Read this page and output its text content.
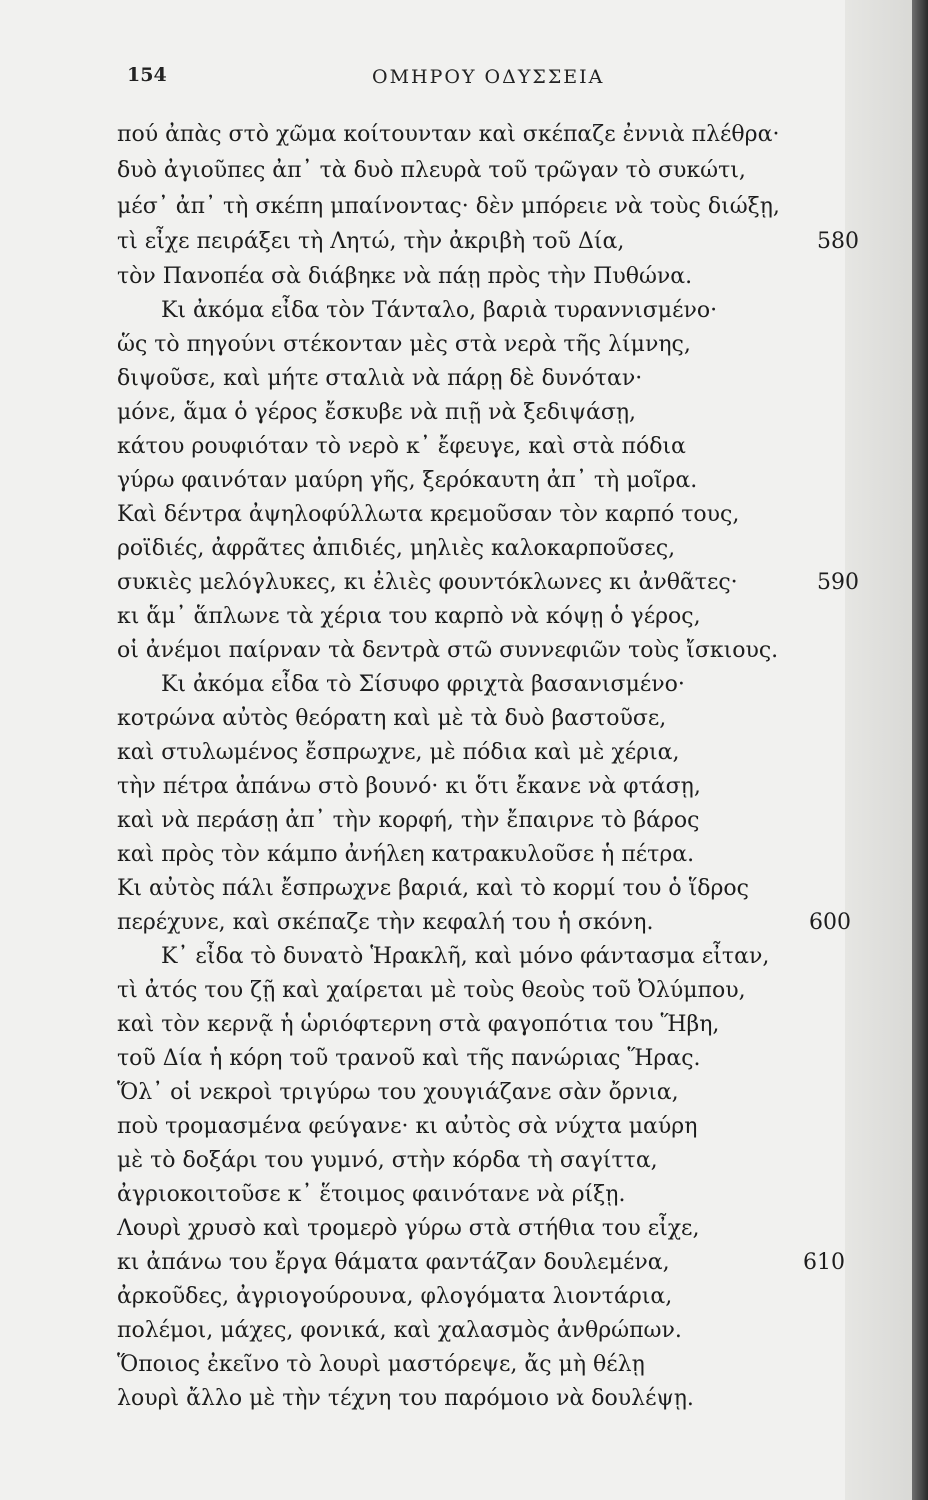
154	ΟΜΗΡΟΥ ΟΔΥΣΣΕΙΑ
πού ἀπὰς στὸ χῶμα κοίτουνταν καὶ σκέπαζε ἐννιὰ πλέθρα·
δυὸ ἀγιοῦπες ἀπ᾽ τὰ δυὸ πλευρὰ τοῦ τρῶγαν τὸ συκώτι,
μέσ᾽ ἀπ᾽ τὴ σκέπη μπαίνοντας· δὲν μπόρειε νὰ τοὺς διώξῃ,
τὶ εἶχε πειράξει τὴ Λητώ, τὴν ἀκριβὴ τοῦ Δία,
τὸν Πανοπέα σὰ διάβηκε νὰ πάῃ πρὸς τὴν Πυθώνα.
Κι ἀκόμα εἶδα τὸν Τάνταλο, βαριὰ τυραννισμένο·
ὥς τὸ πηγούνι στέκονταν μὲς στὰ νερὰ τῆς λίμνης,
διψοῦσε, καὶ μήτε σταλιὰ νὰ πάρῃ δὲ δυνόταν·
μόνε, ἅμα ὁ γέρος ἔσκυβε νὰ πιῇ νὰ ξεδιψάσῃ,
κάτου ρουφιόταν τὸ νερὸ κ᾽ ἔφευγε, καὶ στὰ πόδια
γύρω φαινόταν μαύρη γῆς, ξερόκαυτη ἀπ᾽ τὴ μοῖρα.
Καὶ δέντρα ἀψηλοφύλλωτα κρεμοῦσαν τὸν καρπό τους,
ροϊδιές, ἀφρᾶτες ἀπιδιές, μηλιὲς καλοκαρποῦσες,
συκιὲς μελόγλυκες, κι ἐλιὲς φουντόκλωνες κι ἀνθᾶτες·
κι ἅμ᾽ ἅπλωνε τὰ χέρια του καρπὸ νὰ κόψῃ ὁ γέρος,
οἱ ἀνέμοι παίρναν τὰ δεντρὰ στῶ συννεφιῶν τοὺς ἴσκιους.
Κι ἀκόμα εἶδα τὸ Σίσυφο φριχτὰ βασανισμένο·
κοτρώνα αὐτὸς θεόρατη καὶ μὲ τὰ δυὸ βαστοῦσε,
καὶ στυλωμένος ἔσπρωχνε, μὲ πόδια καὶ μὲ χέρια,
τὴν πέτρα ἀπάνω στὸ βουνό· κι ὅτι ἔκανε νὰ φτάσῃ,
καὶ νὰ περάσῃ ἀπ᾽ τὴν κορφή, τὴν ἔπαιρνε τὸ βάρος
καὶ πρὸς τὸν κάμπο ἀνήλεη κατρακυλοῦσε ἡ πέτρα.
Κι αὐτὸς πάλι ἔσπρωχνε βαριά, καὶ τὸ κορμί του ὁ ἵδρος
περέχυνε, καὶ σκέπαζε τὴν κεφαλή του ἡ σκόνη.
Κ᾽ εἶδα τὸ δυνατὸ Ἡρακλῆ, καὶ μόνο φάντασμα εἶταν,
τὶ ἀτός του ζῇ καὶ χαίρεται μὲ τοὺς θεοὺς τοῦ Ὀλύμπου,
καὶ τὸν κερνᾷ ἡ ὡριόφτερνη στὰ φαγοπότια του Ἥβη,
τοῦ Δία ἡ κόρη τοῦ τρανοῦ καὶ τῆς πανώριας Ἥρας.
Ὅλ᾽ οἱ νεκροὶ τριγύρω του χουγιάζανε σὰν ὄρνια,
ποὺ τρομασμένα φεύγανε· κι αὐτὸς σὰ νύχτα μαύρη
μὲ τὸ δοξάρι του γυμνό, στὴν κόρδα τὴ σαγίττα,
ἀγριοκοιτοῦσε κ᾽ ἕτοιμος φαινότανε νὰ ρίξῃ.
Λουρὶ χρυσὸ καὶ τρομερὸ γύρω στὰ στήθια του εἶχε,
κι ἀπάνω του ἔργα θάματα φαντάζαν δουλεμένα,
ἀρκοῦδες, ἀγριογούρουνα, φλογόματα λιοντάρια,
πολέμοι, μάχες, φονικά, καὶ χαλασμὸς ἀνθρώπων.
Ὅποιος ἐκεῖνο τὸ λουρὶ μαστόρεψε, ἄς μὴ θέλῃ
λουρὶ ἄλλο μὲ τὴν τέχνη του παρόμοιο νὰ δουλέψῃ.
580
590
600
610
